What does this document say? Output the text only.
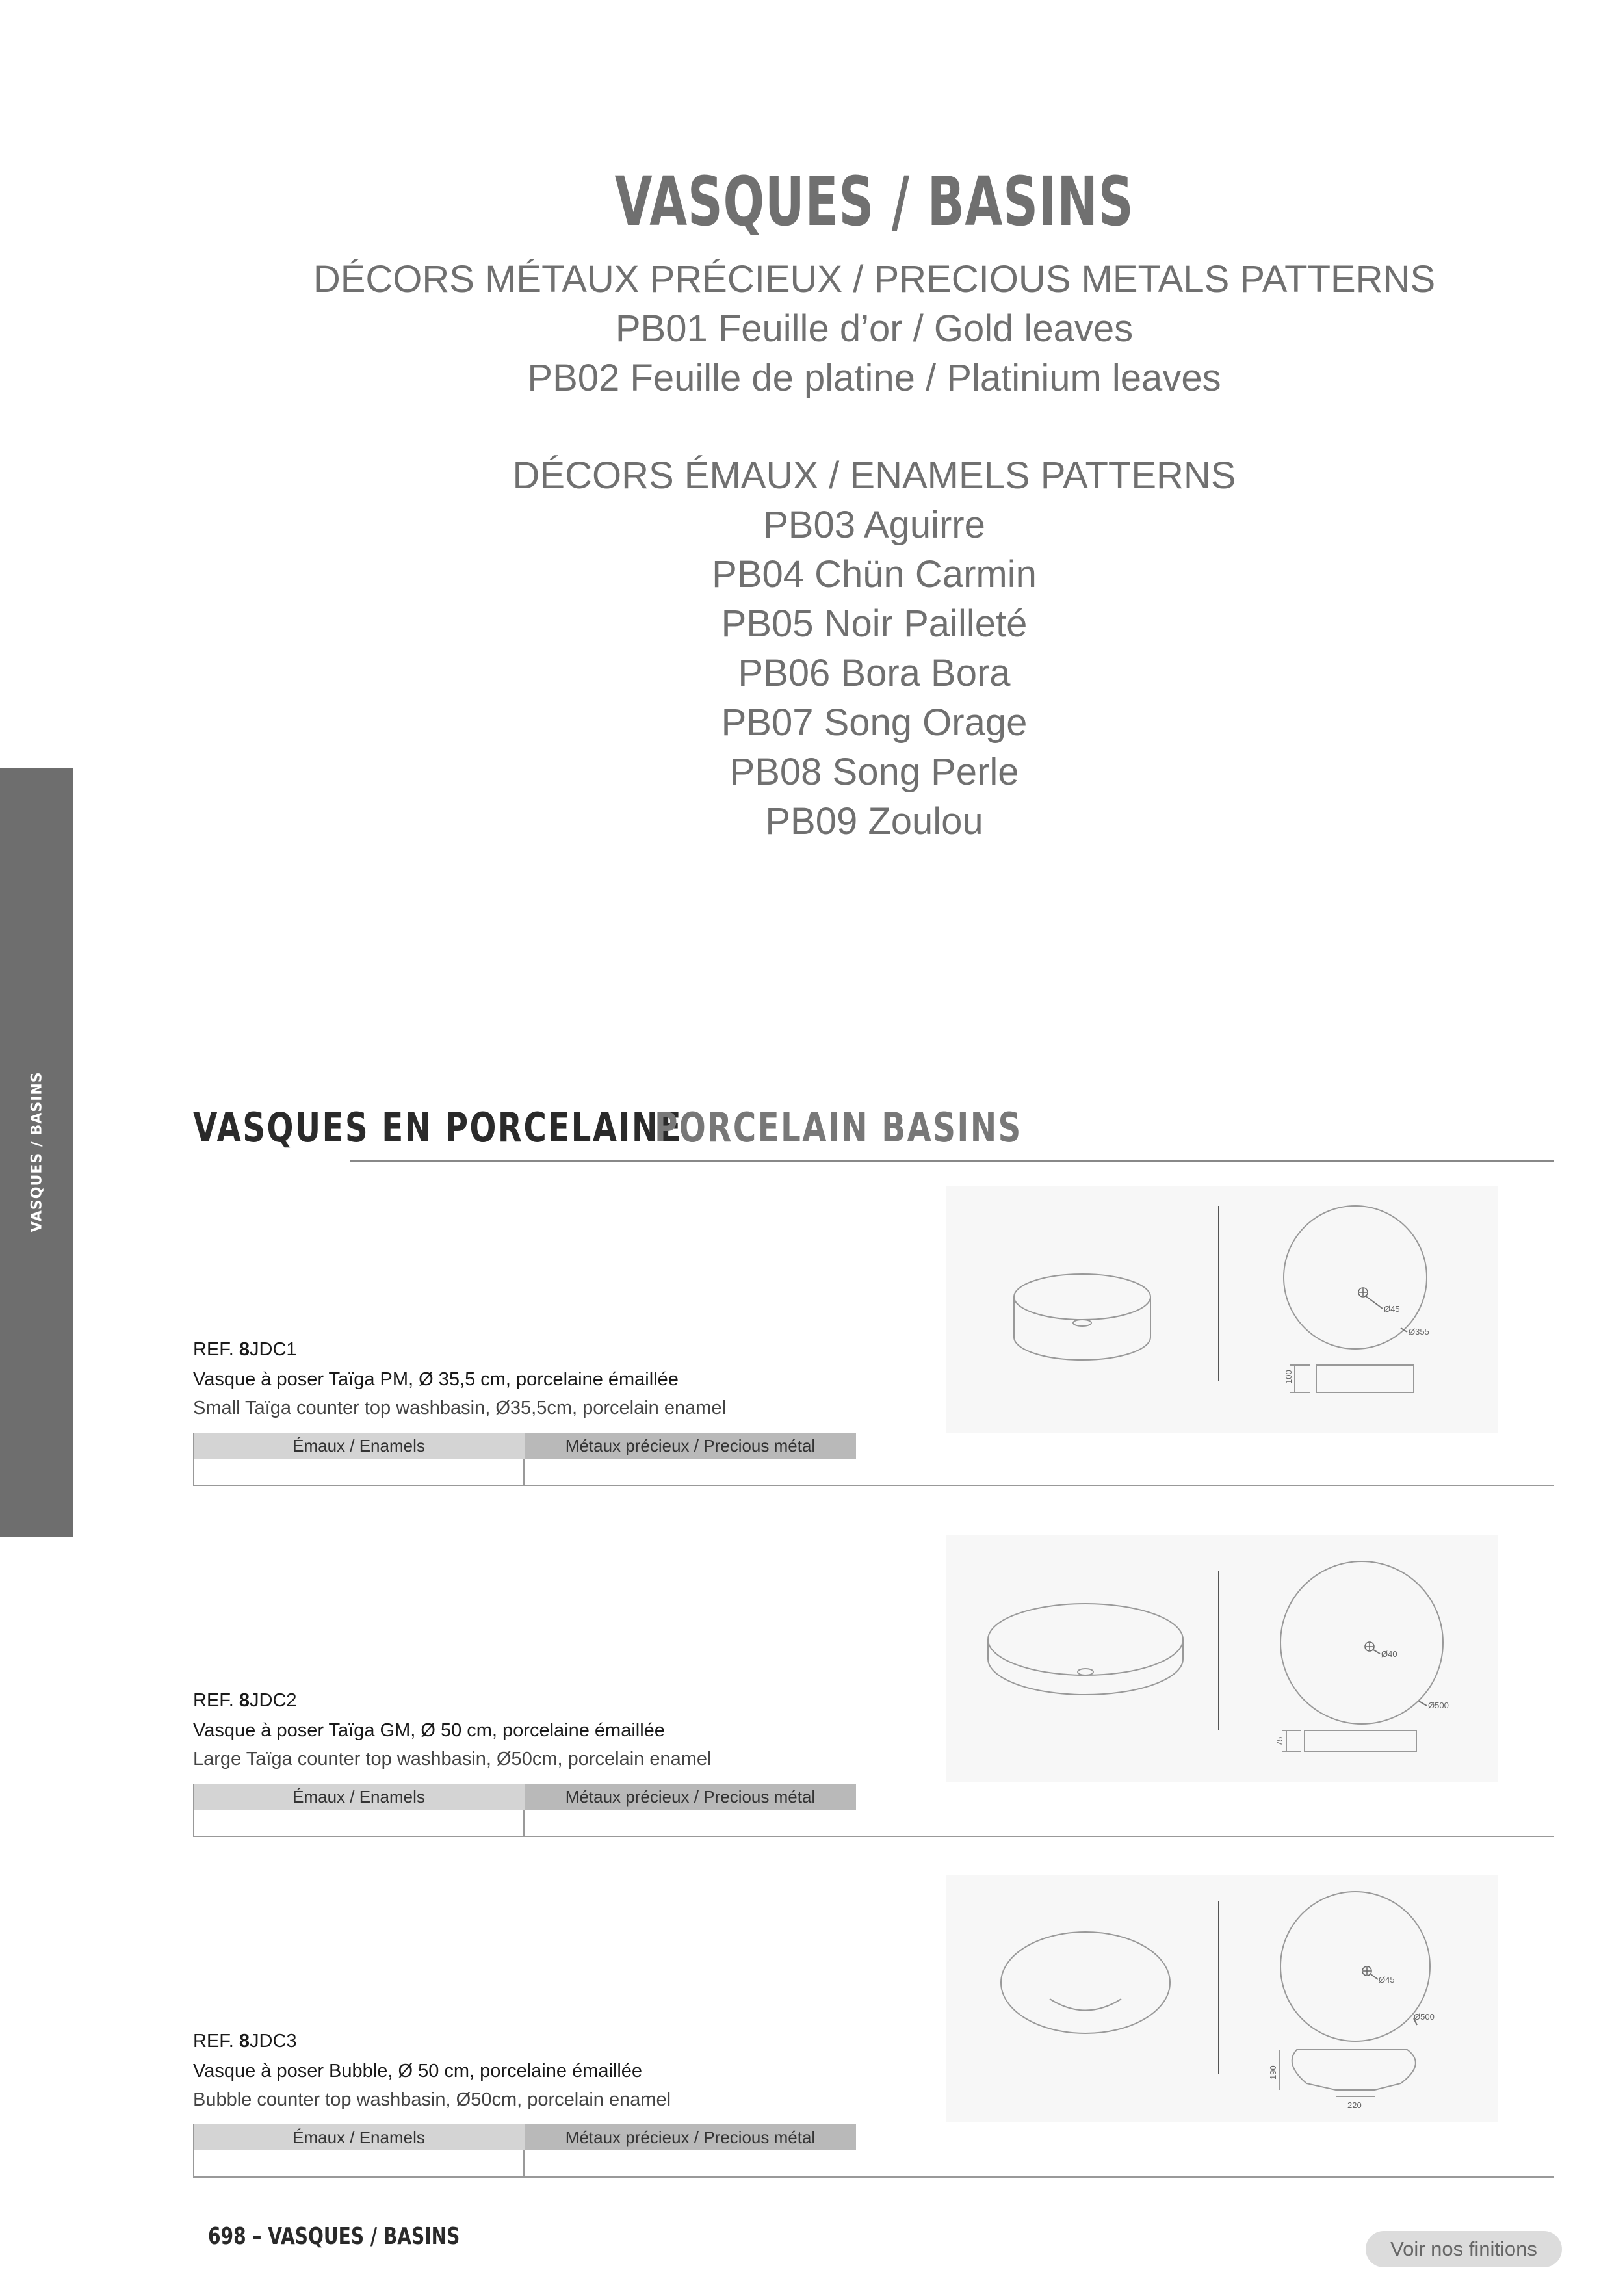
VASQUES / BASINS
VASQUES / BASINS
DÉCORS MÉTAUX PRÉCIEUX / PRECIOUS METALS PATTERNS
PB01 Feuille d’or / Gold leaves
PB02 Feuille de platine / Platinium leaves
DÉCORS ÉMAUX / ENAMELS PATTERNS
PB03 Aguirre
PB04 Chün Carmin
PB05 Noir Pailleté
PB06 Bora Bora
PB07 Song Orage
PB08 Song Perle
PB09 Zoulou
VASQUES EN PORCELAINE
PORCELAIN BASINS
REF. 8JDC1
Vasque à poser Taïga PM, Ø 35,5 cm, porcelaine émaillée
Small Taïga counter top washbasin, Ø35,5cm, porcelain enamel
Émaux / Enamels	Métaux précieux / Precious métal
Ø45
Ø355
100
REF. 8JDC2
Vasque à poser Taïga GM, Ø 50 cm, porcelaine émaillée
Large Taïga counter top washbasin, Ø50cm, porcelain enamel
Émaux / Enamels	Métaux précieux / Precious métal
Ø40
Ø500
75
REF. 8JDC3
Vasque à poser Bubble, Ø 50 cm, porcelaine émaillée
Bubble counter top washbasin, Ø50cm, porcelain enamel
Émaux / Enamels	Métaux précieux / Precious métal
Ø45
Ø500
190
220
698 – VASQUES / BASINS	Voir nos finitions
